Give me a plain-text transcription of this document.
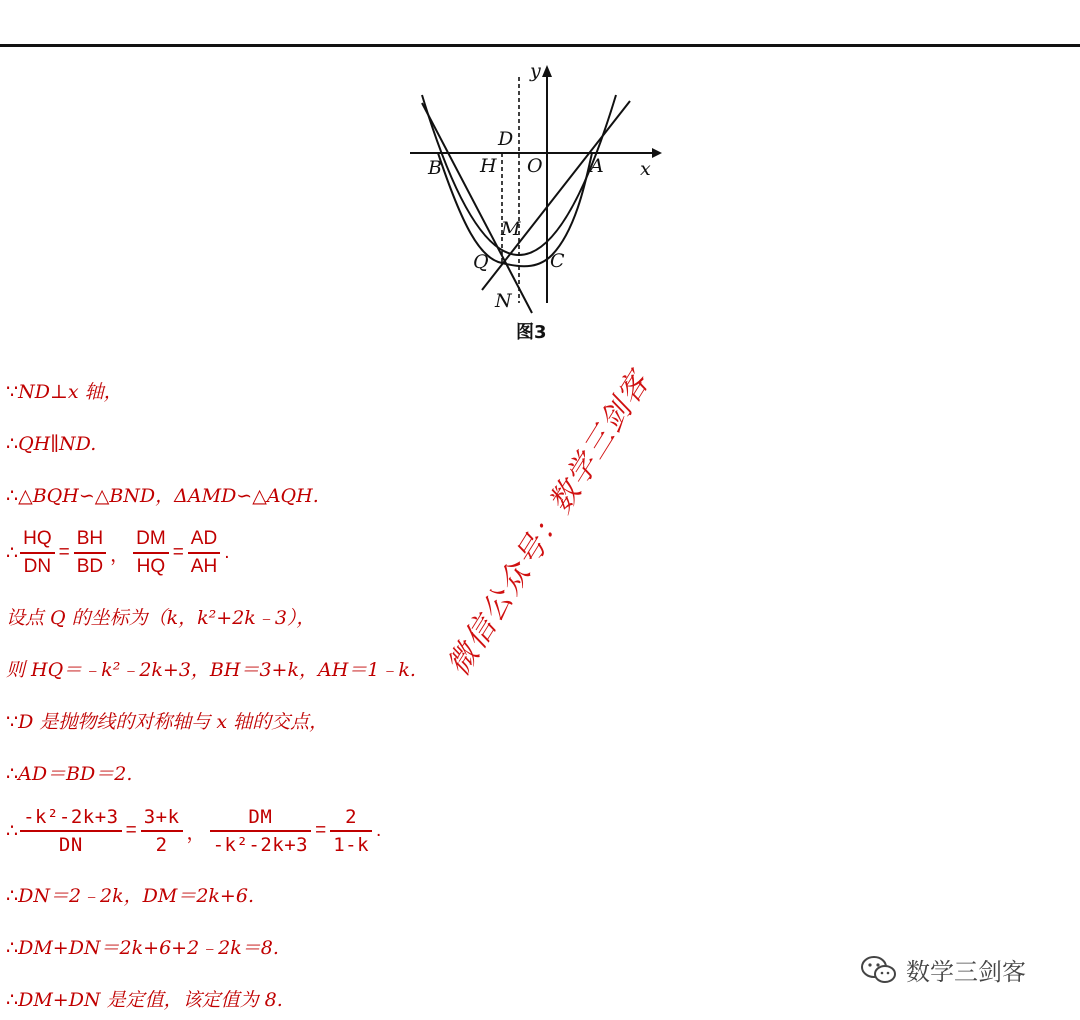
y
x
D
H O
B	A
M
Q	C
N
图3
∵ND⊥x 轴，
∴QH∥ND.
∴△BQH∽△BND，ΔAMD∽△AQH.
∴ $\frac{HQ}{DN} = \frac{BH}{BD}$ ， $\frac{DM}{HQ} = \frac{AD}{AH}$ .
设点 Q 的坐标为（k，k²+2k﹣3），
则 HQ＝﹣k²﹣2k+3，BH＝3+k，AH＝1﹣k.
∵D 是抛物线的对称轴与 x 轴的交点，
∴AD＝BD＝2.
∴ $\frac{\text{-k²-2k+3}}{DN} = \frac{3+k}{2}$ ， $\frac{DM}{\text{-k²-2k+3}} = \frac{2}{1-k}$ .
∴DN＝2﹣2k，DM＝2k+6.
∴DM+DN＝2k+6+2﹣2k＝8.
∴DM+DN 是定值，该定值为 8.
微信公众号：数学三剑客
数学三剑客
